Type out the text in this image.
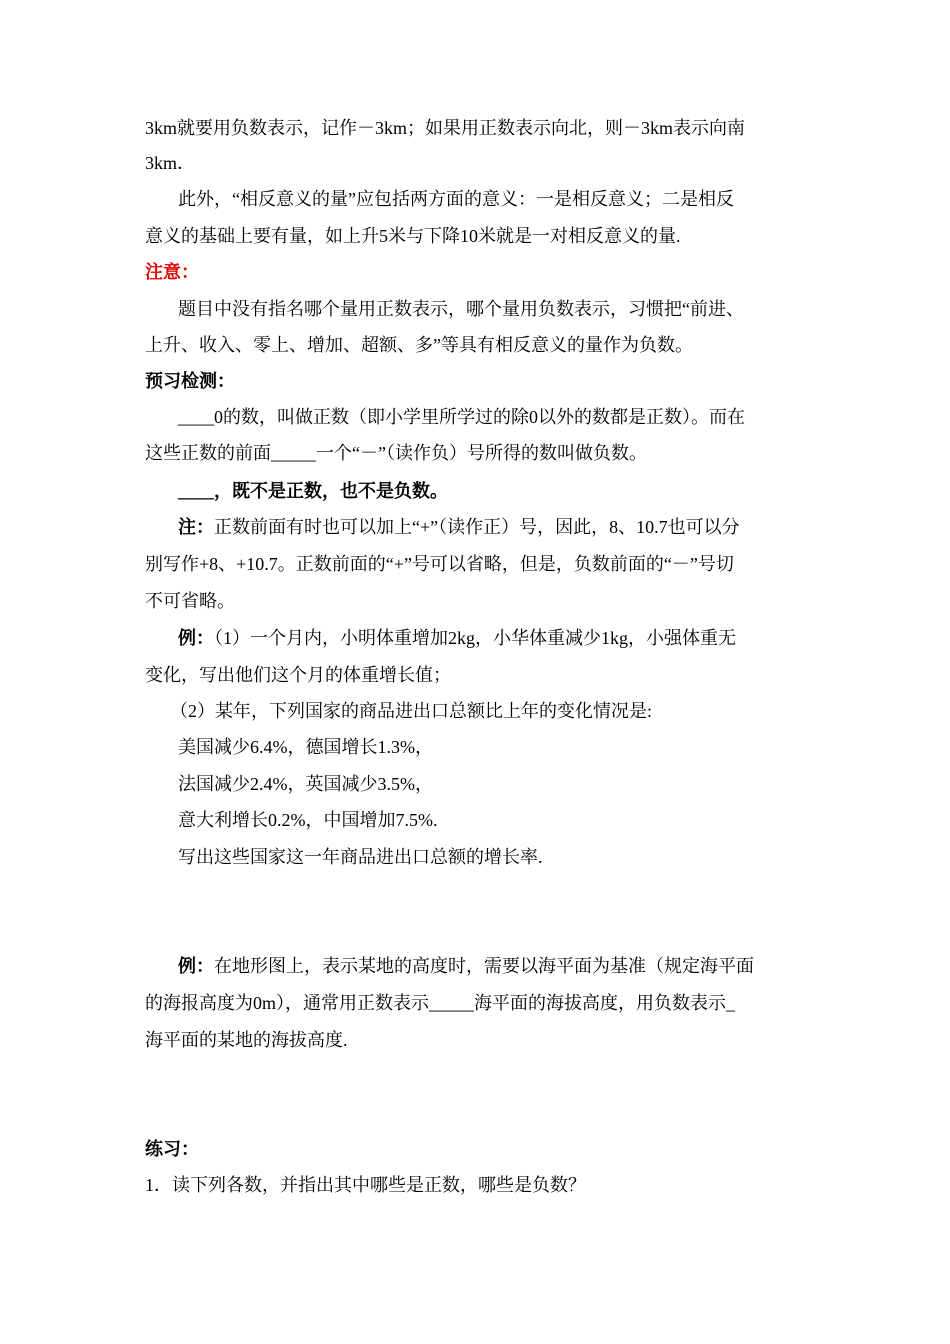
3km就要用负数表示，记作－3km；如果用正数表示向北，则－3km表示向南
3km．
此外，“相反意义的量”应包括两方面的意义：一是相反意义；二是相反
意义的基础上要有量，如上升5米与下降10米就是一对相反意义的量.
注意：
题目中没有指名哪个量用正数表示，哪个量用负数表示，习惯把“前进、
上升、收入、零上、增加、超额、多”等具有相反意义的量作为负数。
预习检测：
____0的数，叫做正数（即小学里所学过的除0以外的数都是正数）。而在
这些正数的前面_____一个“－”（读作负）号所得的数叫做负数。
____，既不是正数，也不是负数。
注：正数前面有时也可以加上“+”（读作正）号，因此，8、10.7也可以分
别写作+8、+10.7。正数前面的“+”号可以省略，但是，负数前面的“－”号切
不可省略。
例：（1）一个月内，小明体重增加2kg，小华体重减少1kg，小强体重无
变化，写出他们这个月的体重增长值；
（2）某年，下列国家的商品进出口总额比上年的变化情况是:
美国减少6.4%，德国增长1.3%，
法国减少2.4%，英国减少3.5%，
意大利增长0.2%，中国增加7.5%.
写出这些国家这一年商品进出口总额的增长率.
例：在地形图上，表示某地的高度时，需要以海平面为基准（规定海平面
的海报高度为0m），通常用正数表示_____海平面的海拔高度，用负数表示_
海平面的某地的海拔高度.
练习：
1．读下列各数，并指出其中哪些是正数，哪些是负数？
